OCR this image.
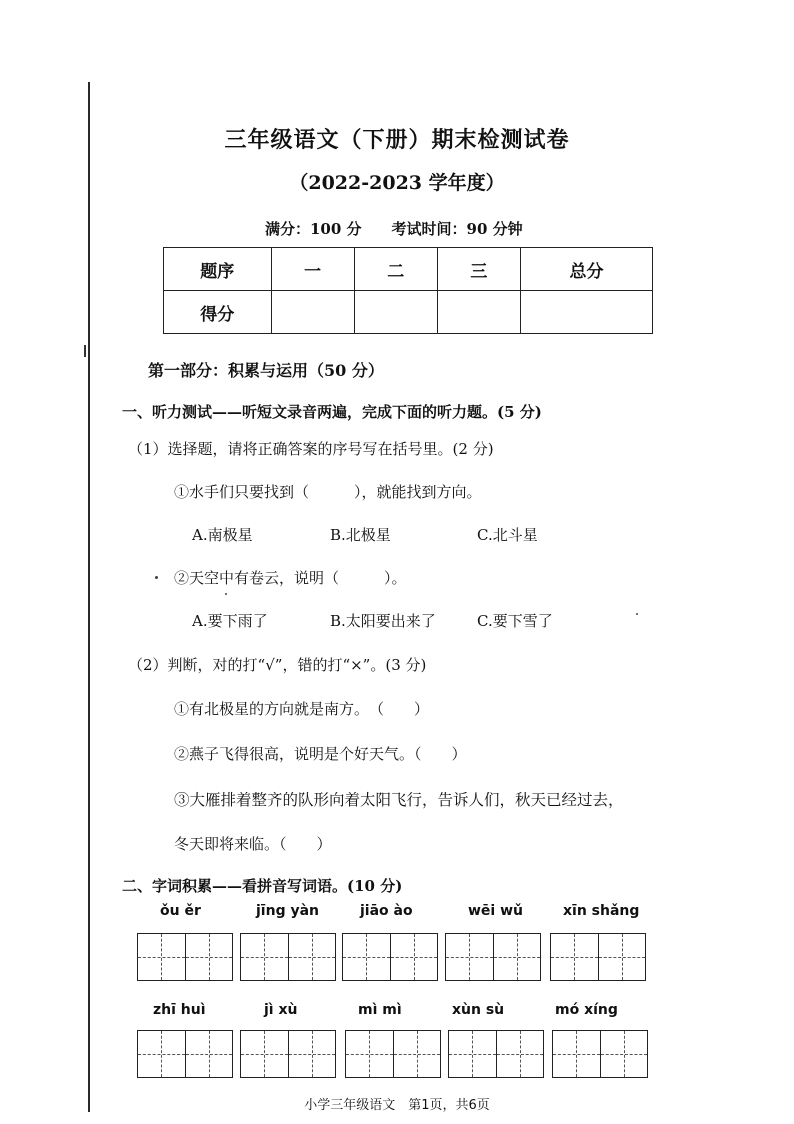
三年级语文（下册）期末检测试卷
（2022-2023 学年度）
满分：100 分 考试时间：90 分钟
题序	一	二	三	总分
得分				
第一部分：积累与运用（50 分）
一、听力测试——听短文录音两遍，完成下面的听力题。(5 分)
（1）选择题，请将正确答案的序号写在括号里。(2 分)
①水手们只要找到（　　　），就能找到方向。
A.南极星	B.北极星	C.北斗星
②天空中有卷云，说明（　　　）。
A.要下雨了	B.太阳要出来了	C.要下雪了
（2）判断，对的打“√”，错的打“×”。(3 分)
①有北极星的方向就是南方。　（　　）
②燕子飞得很高，说明是个好天气。（　　）
③大雁排着整齐的队形向着太阳飞行，告诉人们，秋天已经过去，
冬天即将来临。（　　）
二、字词积累——看拼音写词语。(10 分)
ǒu ěr	jīng yàn	jiāo ào	wēi wǔ	xīn shǎng
zhī huì	jì xù	mì mì	xùn sù	mó xíng
小学三年级语文　第1页，共6页
